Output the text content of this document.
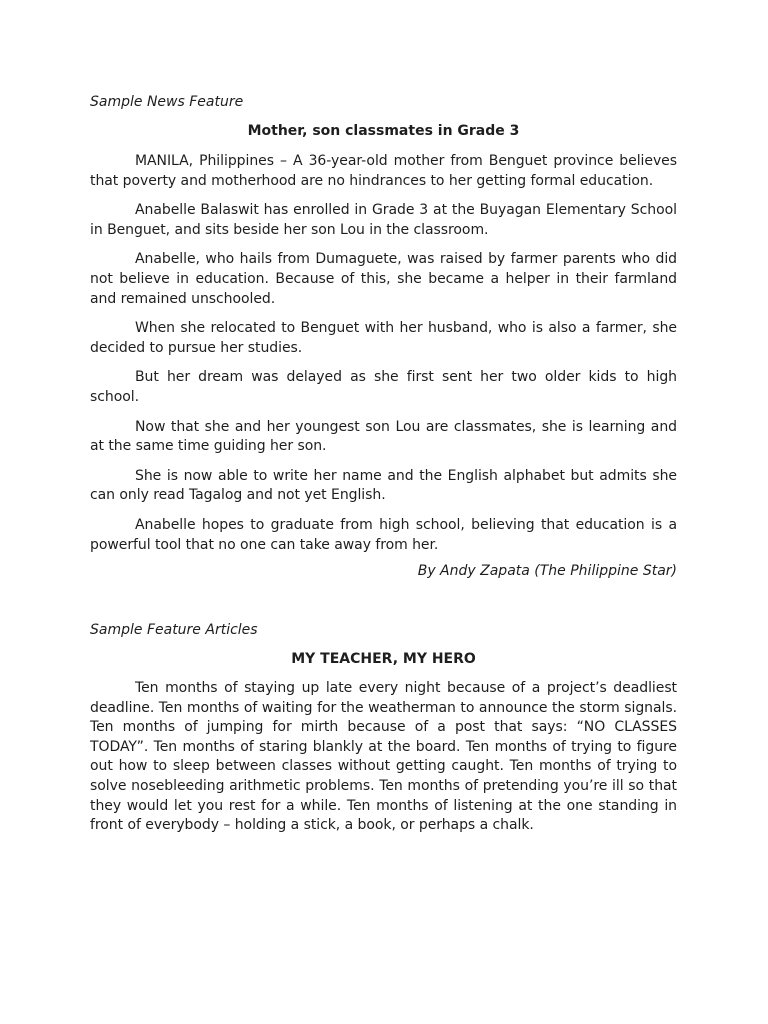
Sample News Feature

Mother, son classmates in Grade 3

MANILA, Philippines – A 36-year-old mother from Benguet province believes that poverty and motherhood are no hindrances to her getting formal education.

Anabelle Balaswit has enrolled in Grade 3 at the Buyagan Elementary School in Benguet, and sits beside her son Lou in the classroom.

Anabelle, who hails from Dumaguete, was raised by farmer parents who did not believe in education. Because of this, she became a helper in their farmland and remained unschooled.

When she relocated to Benguet with her husband, who is also a farmer, she decided to pursue her studies.

But her dream was delayed as she first sent her two older kids to high school.

Now that she and her youngest son Lou are classmates, she is learning and at the same time guiding her son.

She is now able to write her name and the English alphabet but admits she can only read Tagalog and not yet English.

Anabelle hopes to graduate from high school, believing that education is a powerful tool that no one can take away from her.

By Andy Zapata (The Philippine Star)

Sample Feature Articles

MY TEACHER, MY HERO

Ten months of staying up late every night because of a project’s deadliest deadline. Ten months of waiting for the weatherman to announce the storm signals. Ten months of jumping for mirth because of a post that says: “NO CLASSES TODAY”. Ten months of staring blankly at the board. Ten months of trying to figure out how to sleep between classes without getting caught. Ten months of trying to solve nosebleeding arithmetic problems. Ten months of pretending you’re ill so that they would let you rest for a while. Ten months of listening at the one standing in front of everybody – holding a stick, a book, or perhaps a chalk.
